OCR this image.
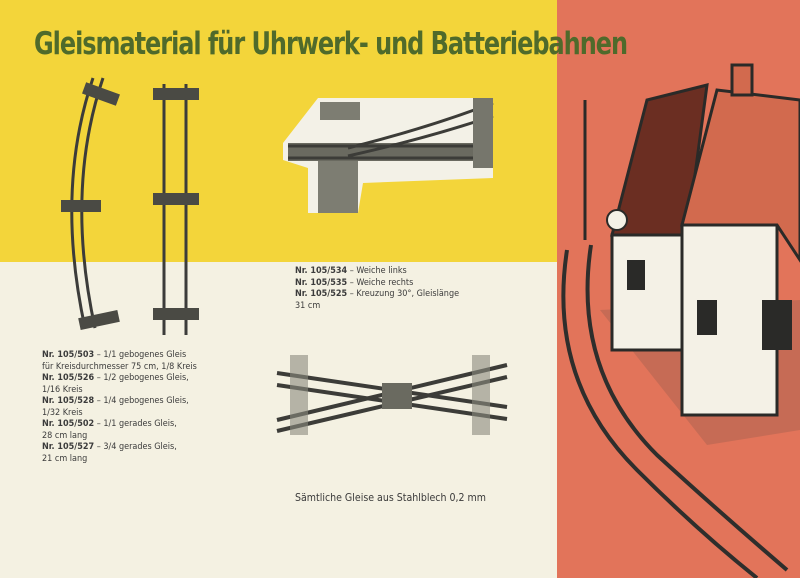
Gleismaterial für Uhrwerk- und Batteriebahnen
Nr. 105/534 – Weiche links
Nr. 105/535 – Weiche rechts
Nr. 105/525 – Kreuzung 30°, Gleislänge
31 cm
Nr. 105/503 – 1/1 gebogenes Gleis
für Kreisdurchmesser 75 cm, 1/8 Kreis
Nr. 105/526 – 1/2 gebogenes Gleis,
1/16 Kreis
Nr. 105/528 – 1/4 gebogenes Gleis,
1/32 Kreis
Nr. 105/502 – 1/1 gerades Gleis,
28 cm lang
Nr. 105/527 – 3/4 gerades Gleis,
21 cm lang
Sämtliche Gleise aus Stahlblech 0,2 mm
